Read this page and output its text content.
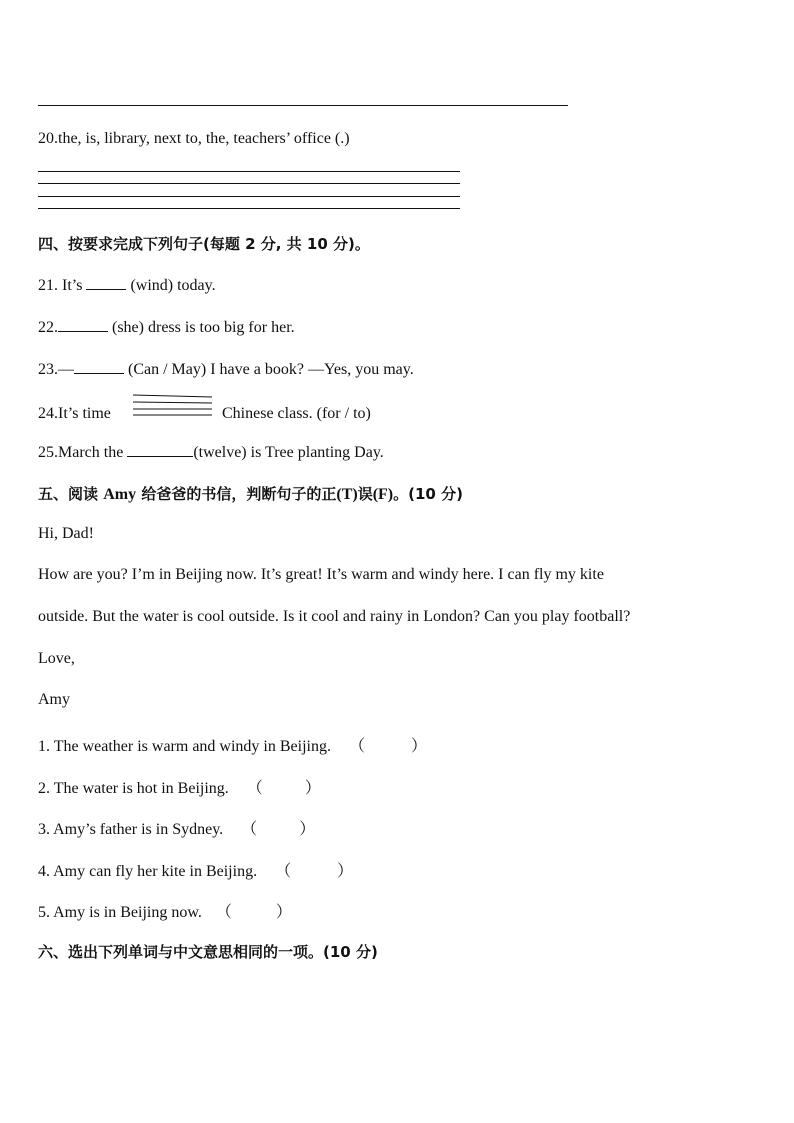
20.the, is, library, next to, the, teachers’ office (.)
四、按要求完成下列句子(每题 2 分, 共 10 分)。
21. It’s	(wind) today.
22.	(she) dress is too big for her.
23.—	(Can / May) I have a book? —Yes, you may.
24.It’s time	Chinese class. (for / to)
25.March the	(twelve) is Tree planting Day.
五、阅读 Amy 给爸爸的书信，判断句子的正(T)误(F)。(10 分)
Hi, Dad!
How are you? I’m in Beijing now. It’s great! It’s warm and windy here. I can fly my kite
outside. But the water is cool outside. Is it cool and rainy in London? Can you play football?
Love,
Amy
1. The weather is warm and windy in Beijing. （	）
2. The water is hot in Beijing. （	）
3. Amy’s father is in Sydney. （	）
4. Amy can fly her kite in Beijing. （	）
5. Amy is in Beijing now. （	）
六、选出下列单词与中文意思相同的一项。(10 分)
